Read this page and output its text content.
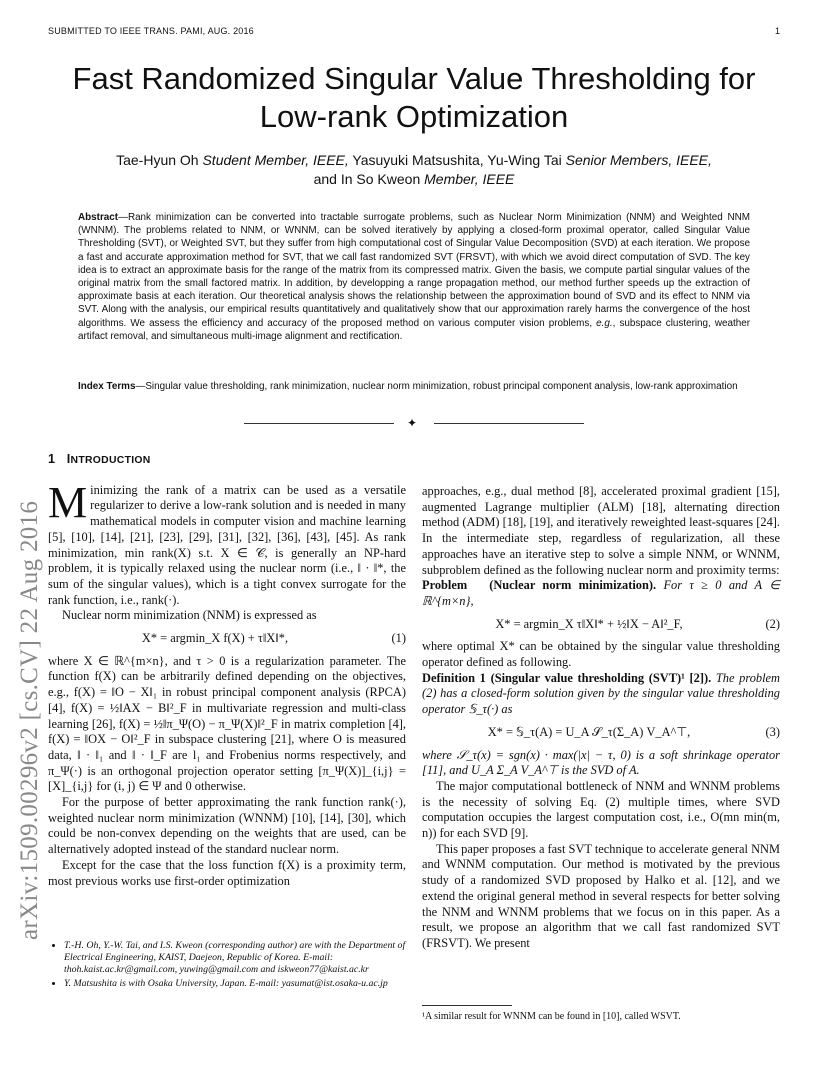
SUBMITTED TO IEEE TRANS. PAMI, AUG. 2016	1
arXiv:1509.00296v2 [cs.CV] 22 Aug 2016
Fast Randomized Singular Value Thresholding for Low-rank Optimization
Tae-Hyun Oh Student Member, IEEE, Yasuyuki Matsushita, Yu-Wing Tai Senior Members, IEEE,
and In So Kweon Member, IEEE

Abstract—Rank minimization can be converted into tractable surrogate problems, such as Nuclear Norm Minimization (NNM) and Weighted NNM (WNNM). The problems related to NNM, or WNNM, can be solved iteratively by applying a closed-form proximal operator, called Singular Value Thresholding (SVT), or Weighted SVT, but they suffer from high computational cost of Singular Value Decomposition (SVD) at each iteration. We propose a fast and accurate approximation method for SVT, that we call fast randomized SVT (FRSVT), with which we avoid direct computation of SVD. The key idea is to extract an approximate basis for the range of the matrix from its compressed matrix. Given the basis, we compute partial singular values of the original matrix from the small factored matrix. In addition, by developping a range propagation method, our method further speeds up the extraction of approximate basis at each iteration. Our theoretical analysis shows the relationship between the approximation bound of SVD and its effect to NNM via SVT. Along with the analysis, our empirical results quantitatively and qualitatively show that our approximation rarely harms the convergence of the host algorithms. We assess the efficiency and accuracy of the proposed method on various computer vision problems, e.g., subspace clustering, weather artifact removal, and simultaneous multi-image alignment and rectification.

Index Terms—Singular value thresholding, rank minimization, nuclear norm minimization, robust principal component analysis, low-rank approximation

✦
1 INTRODUCTION

Minimizing the rank of a matrix can be used as a versatile regularizer to derive a low-rank solution and is needed in many mathematical models in computer vision and machine learning [5], [10], [14], [21], [23], [29], [31], [32], [36], [43], [45]. As rank minimization, min rank(X) s.t. X ∈ 𝒞, is generally an NP-hard problem, it is typically relaxed using the nuclear norm (i.e., ‖ · ‖*, the sum of the singular values), which is a tight convex surrogate for the rank function, i.e., rank(·).

Nuclear norm minimization (NNM) is expressed as

X* = argmin_X f(X) + τ‖X‖*,	(1)

where X ∈ ℝ^{m×n}, and τ > 0 is a regularization parameter. The function f(X) can be arbitrarily defined depending on the objectives, e.g., f(X) = ‖O − X‖₁ in robust principal component analysis (RPCA) [4], f(X) = ½‖AX − B‖²_F in multivariate regression and multi-class learning [26], f(X) = ½‖π_Ψ(O) − π_Ψ(X)‖²_F in matrix completion [4], f(X) = ‖OX − O‖²_F in subspace clustering [21], where O is measured data, ‖ · ‖₁ and ‖ · ‖_F are l₁ and Frobenius norms respectively, and π_Ψ(·) is an orthogonal projection operator setting [π_Ψ(X)]_{i,j} = [X]_{i,j} for (i, j) ∈ Ψ and 0 otherwise.

For the purpose of better approximating the rank function rank(·), weighted nuclear norm minimization (WNNM) [10], [14], [30], which could be non-convex depending on the weights that are used, can be alternatively adopted instead of the standard nuclear norm.

Except for the case that the loss function f(X) is a proximity term, most previous works use first-order optimization

• T.-H. Oh, Y.-W. Tai, and I.S. Kweon (corresponding author) are with the Department of Electrical Engineering, KAIST, Daejeon, Republic of Korea. E-mail: thoh.kaist.ac.kr@gmail.com, yuwing@gmail.com and iskweon77@kaist.ac.kr
• Y. Matsushita is with Osaka University, Japan. E-mail: yasumat@ist.osaka-u.ac.jp

approaches, e.g., dual method [8], accelerated proximal gradient [15], augmented Lagrange multiplier (ALM) [18], alternating direction method (ADM) [18], [19], and iteratively reweighted least-squares [24]. In the intermediate step, regardless of regularization, all these approaches have an iterative step to solve a simple NNM, or WNNM, subproblem defined as the following nuclear norm and proximity terms:

Problem (Nuclear norm minimization). For τ ≥ 0 and A ∈ ℝ^{m×n},

X* = argmin_X τ‖X‖* + ½‖X − A‖²_F,	(2)

where optimal X* can be obtained by the singular value thresholding operator defined as following.

Definition 1 (Singular value thresholding (SVT)¹ [2]). The problem (2) has a closed-form solution given by the singular value thresholding operator 𝕊_τ(·) as

X* = 𝕊_τ(A) = U_A 𝒮_τ(Σ_A) V_A^⊤,	(3)

where 𝒮_τ(x) = sgn(x) · max(|x| − τ, 0) is a soft shrinkage operator [11], and U_A Σ_A V_A^⊤ is the SVD of A.

The major computational bottleneck of NNM and WNNM problems is the necessity of solving Eq. (2) multiple times, where SVD computation occupies the largest computation cost, i.e., O(mn min(m, n)) for each SVD [9].

This paper proposes a fast SVT technique to accelerate general NNM and WNNM computation. Our method is motivated by the previous study of a randomized SVD proposed by Halko et al. [12], and we extend the original general method in several respects for better solving the NNM and WNNM problems that we focus on in this paper. As a result, we propose an algorithm that we call fast randomized SVT (FRSVT). We present

¹A similar result for WNNM can be found in [10], called WSVT.
